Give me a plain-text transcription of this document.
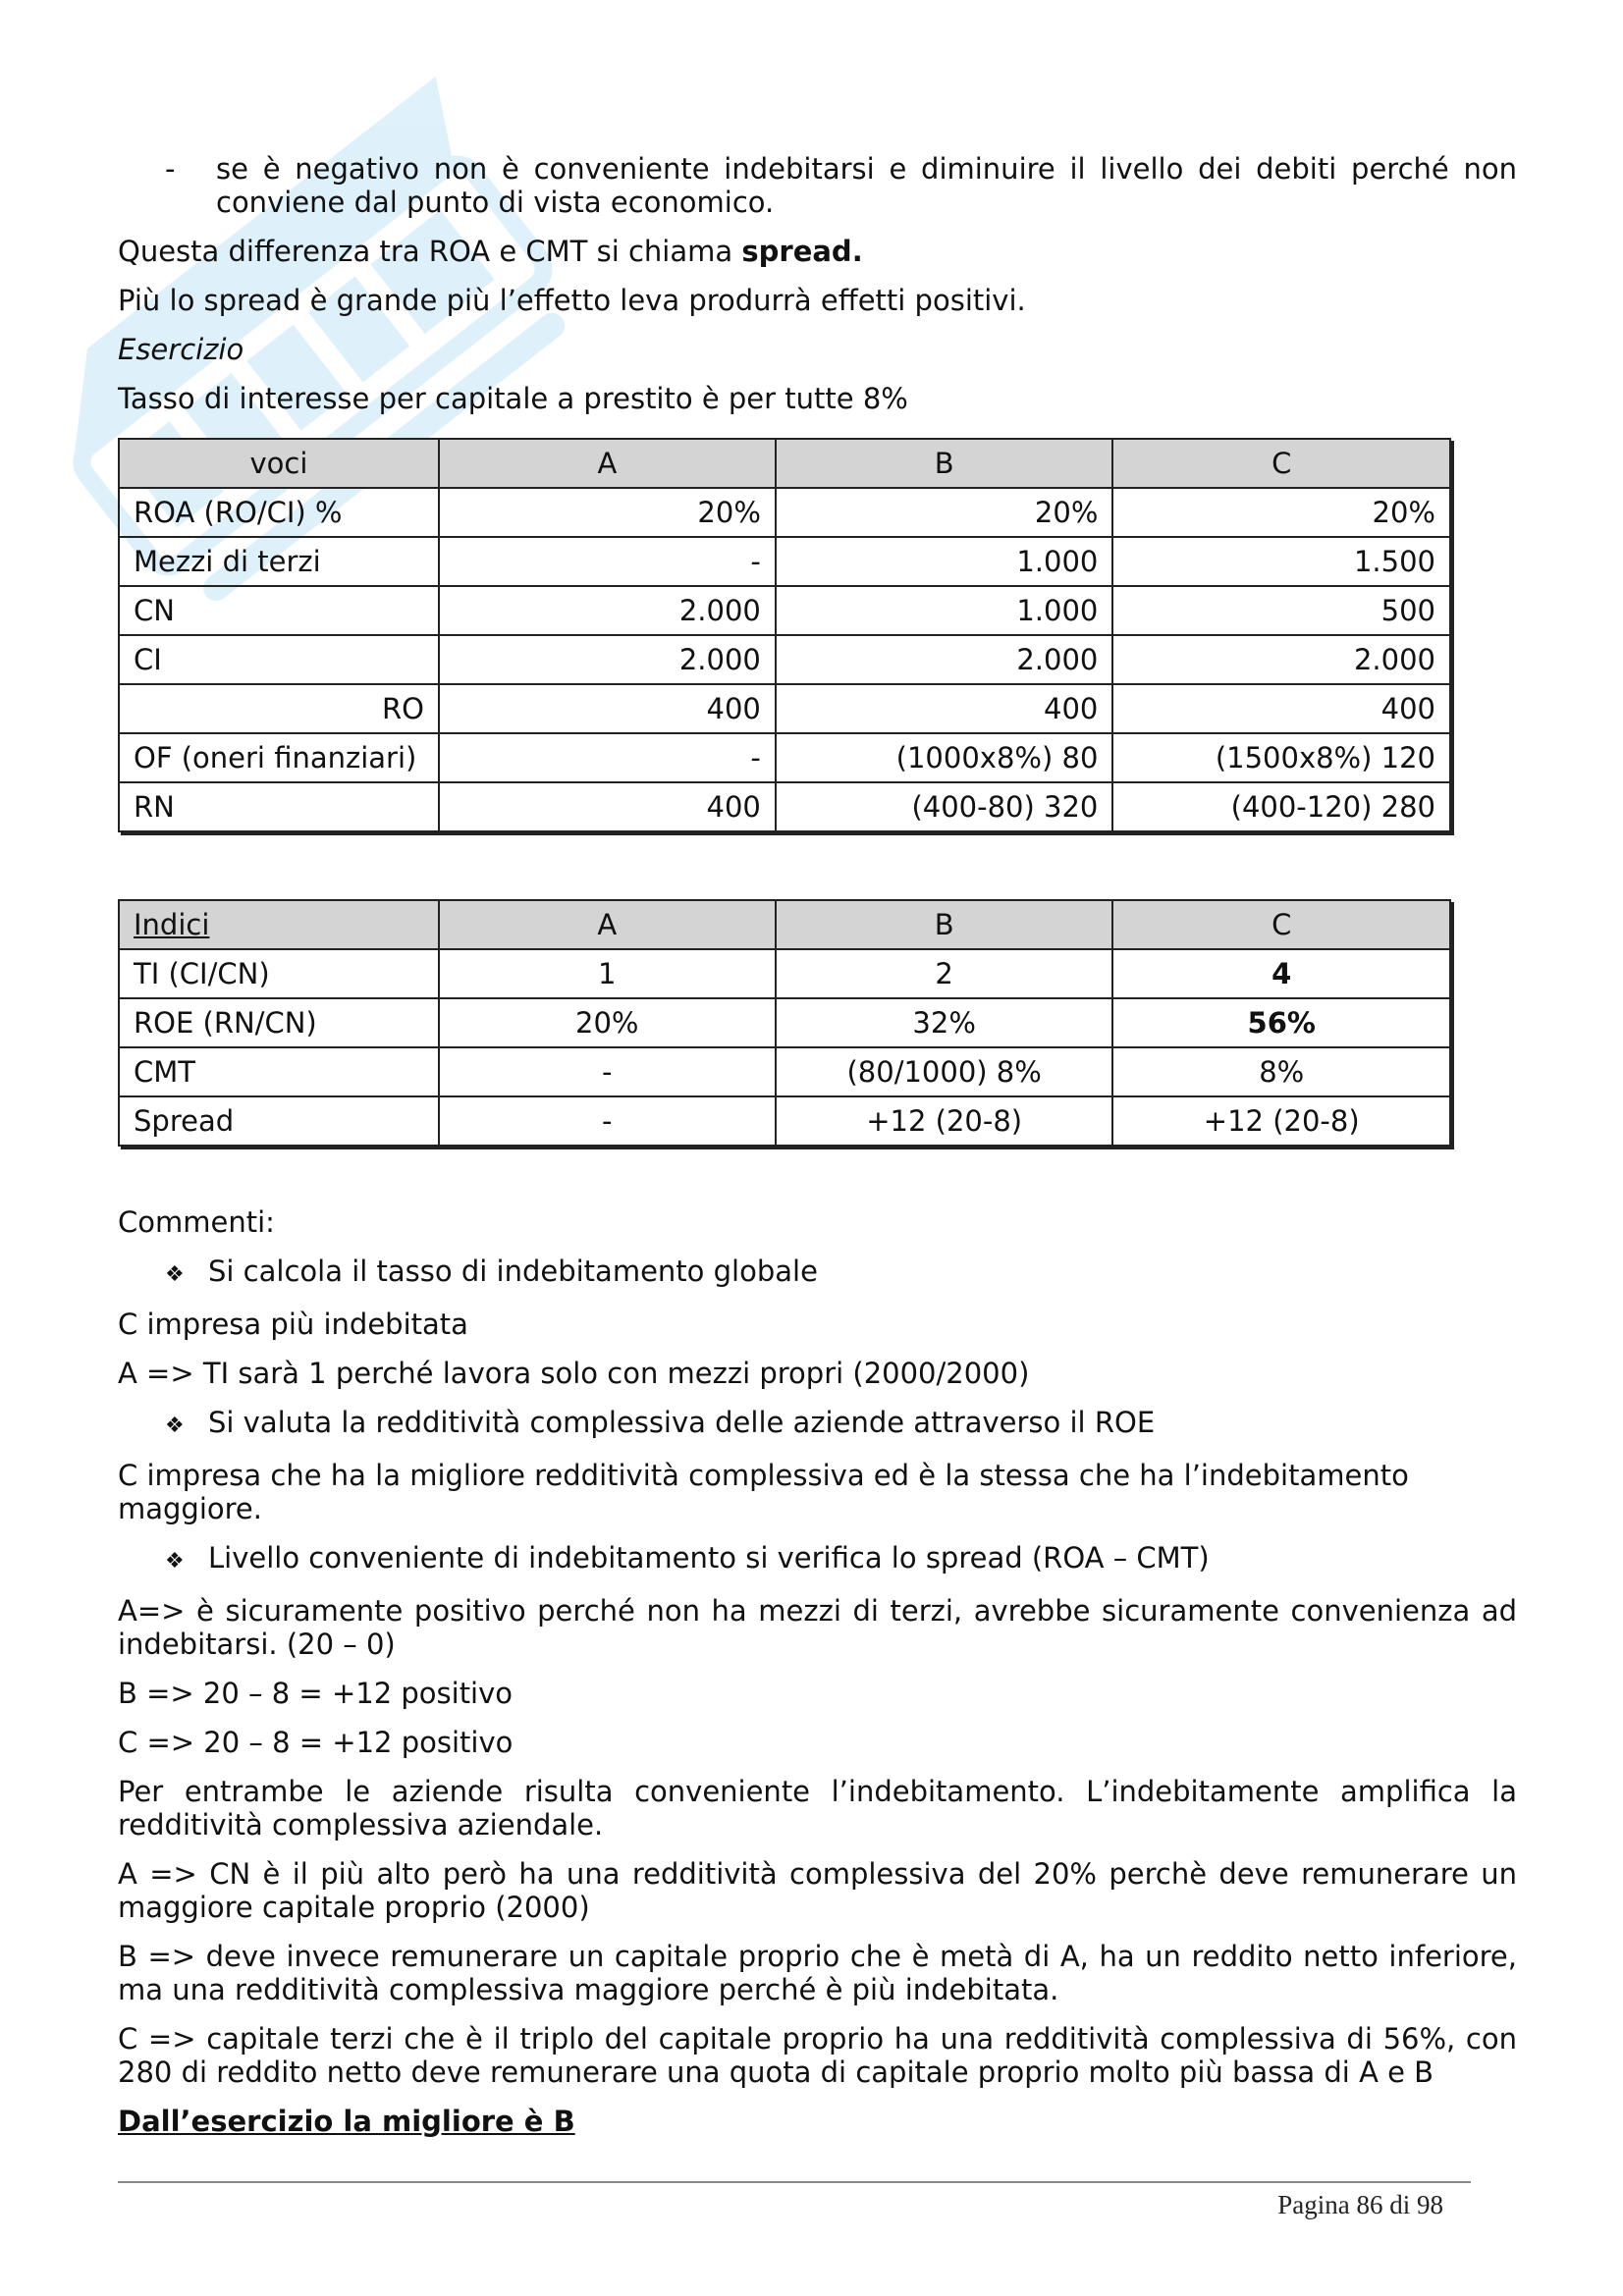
- se è negativo non è conveniente indebitarsi e diminuire il livello dei debiti perché non conviene dal punto di vista economico.

Questa differenza tra ROA e CMT si chiama spread.

Più lo spread è grande più l’effetto leva produrrà effetti positivi.

Esercizio

Tasso di interesse per capitale a prestito è per tutte 8%

voci	A	B	C
ROA (RO/CI) %	20%	20%	20%
Mezzi di terzi	-	1.000	1.500
CN	2.000	1.000	500
CI	2.000	2.000	2.000
RO	400	400	400
OF (oneri finanziari)	-	(1000x8%) 80	(1500x8%) 120
RN	400	(400-80) 320	(400-120) 280
Indici	A	B	C
TI (CI/CN)	1	2	4
ROE (RN/CN)	20%	32%	56%
CMT	-	(80/1000) 8%	8%
Spread	-	+12 (20-8)	+12 (20-8)

Commenti:

❖ Si calcola il tasso di indebitamento globale

C impresa più indebitata

A => TI sarà 1 perché lavora solo con mezzi propri (2000/2000)

❖ Si valuta la redditività complessiva delle aziende attraverso il ROE

C impresa che ha la migliore redditività complessiva ed è la stessa che ha l’indebitamento maggiore.

❖ Livello conveniente di indebitamento si verifica lo spread (ROA – CMT)

A=> è sicuramente positivo perché non ha mezzi di terzi, avrebbe sicuramente convenienza ad indebitarsi. (20 – 0)

B => 20 – 8 = +12 positivo

C => 20 – 8 = +12 positivo

Per entrambe le aziende risulta conveniente l’indebitamento. L’indebitamente amplifica la redditività complessiva aziendale.

A => CN è il più alto però ha una redditività complessiva del 20% perchè deve remunerare un maggiore capitale proprio (2000)

B => deve invece remunerare un capitale proprio che è metà di A, ha un reddito netto inferiore, ma una redditività complessiva maggiore perché è più indebitata.

C => capitale terzi che è il triplo del capitale proprio ha una redditività complessiva di 56%, con 280 di reddito netto deve remunerare una quota di capitale proprio molto più bassa di A e B

Dall’esercizio la migliore è B

Pagina 86 di 98
